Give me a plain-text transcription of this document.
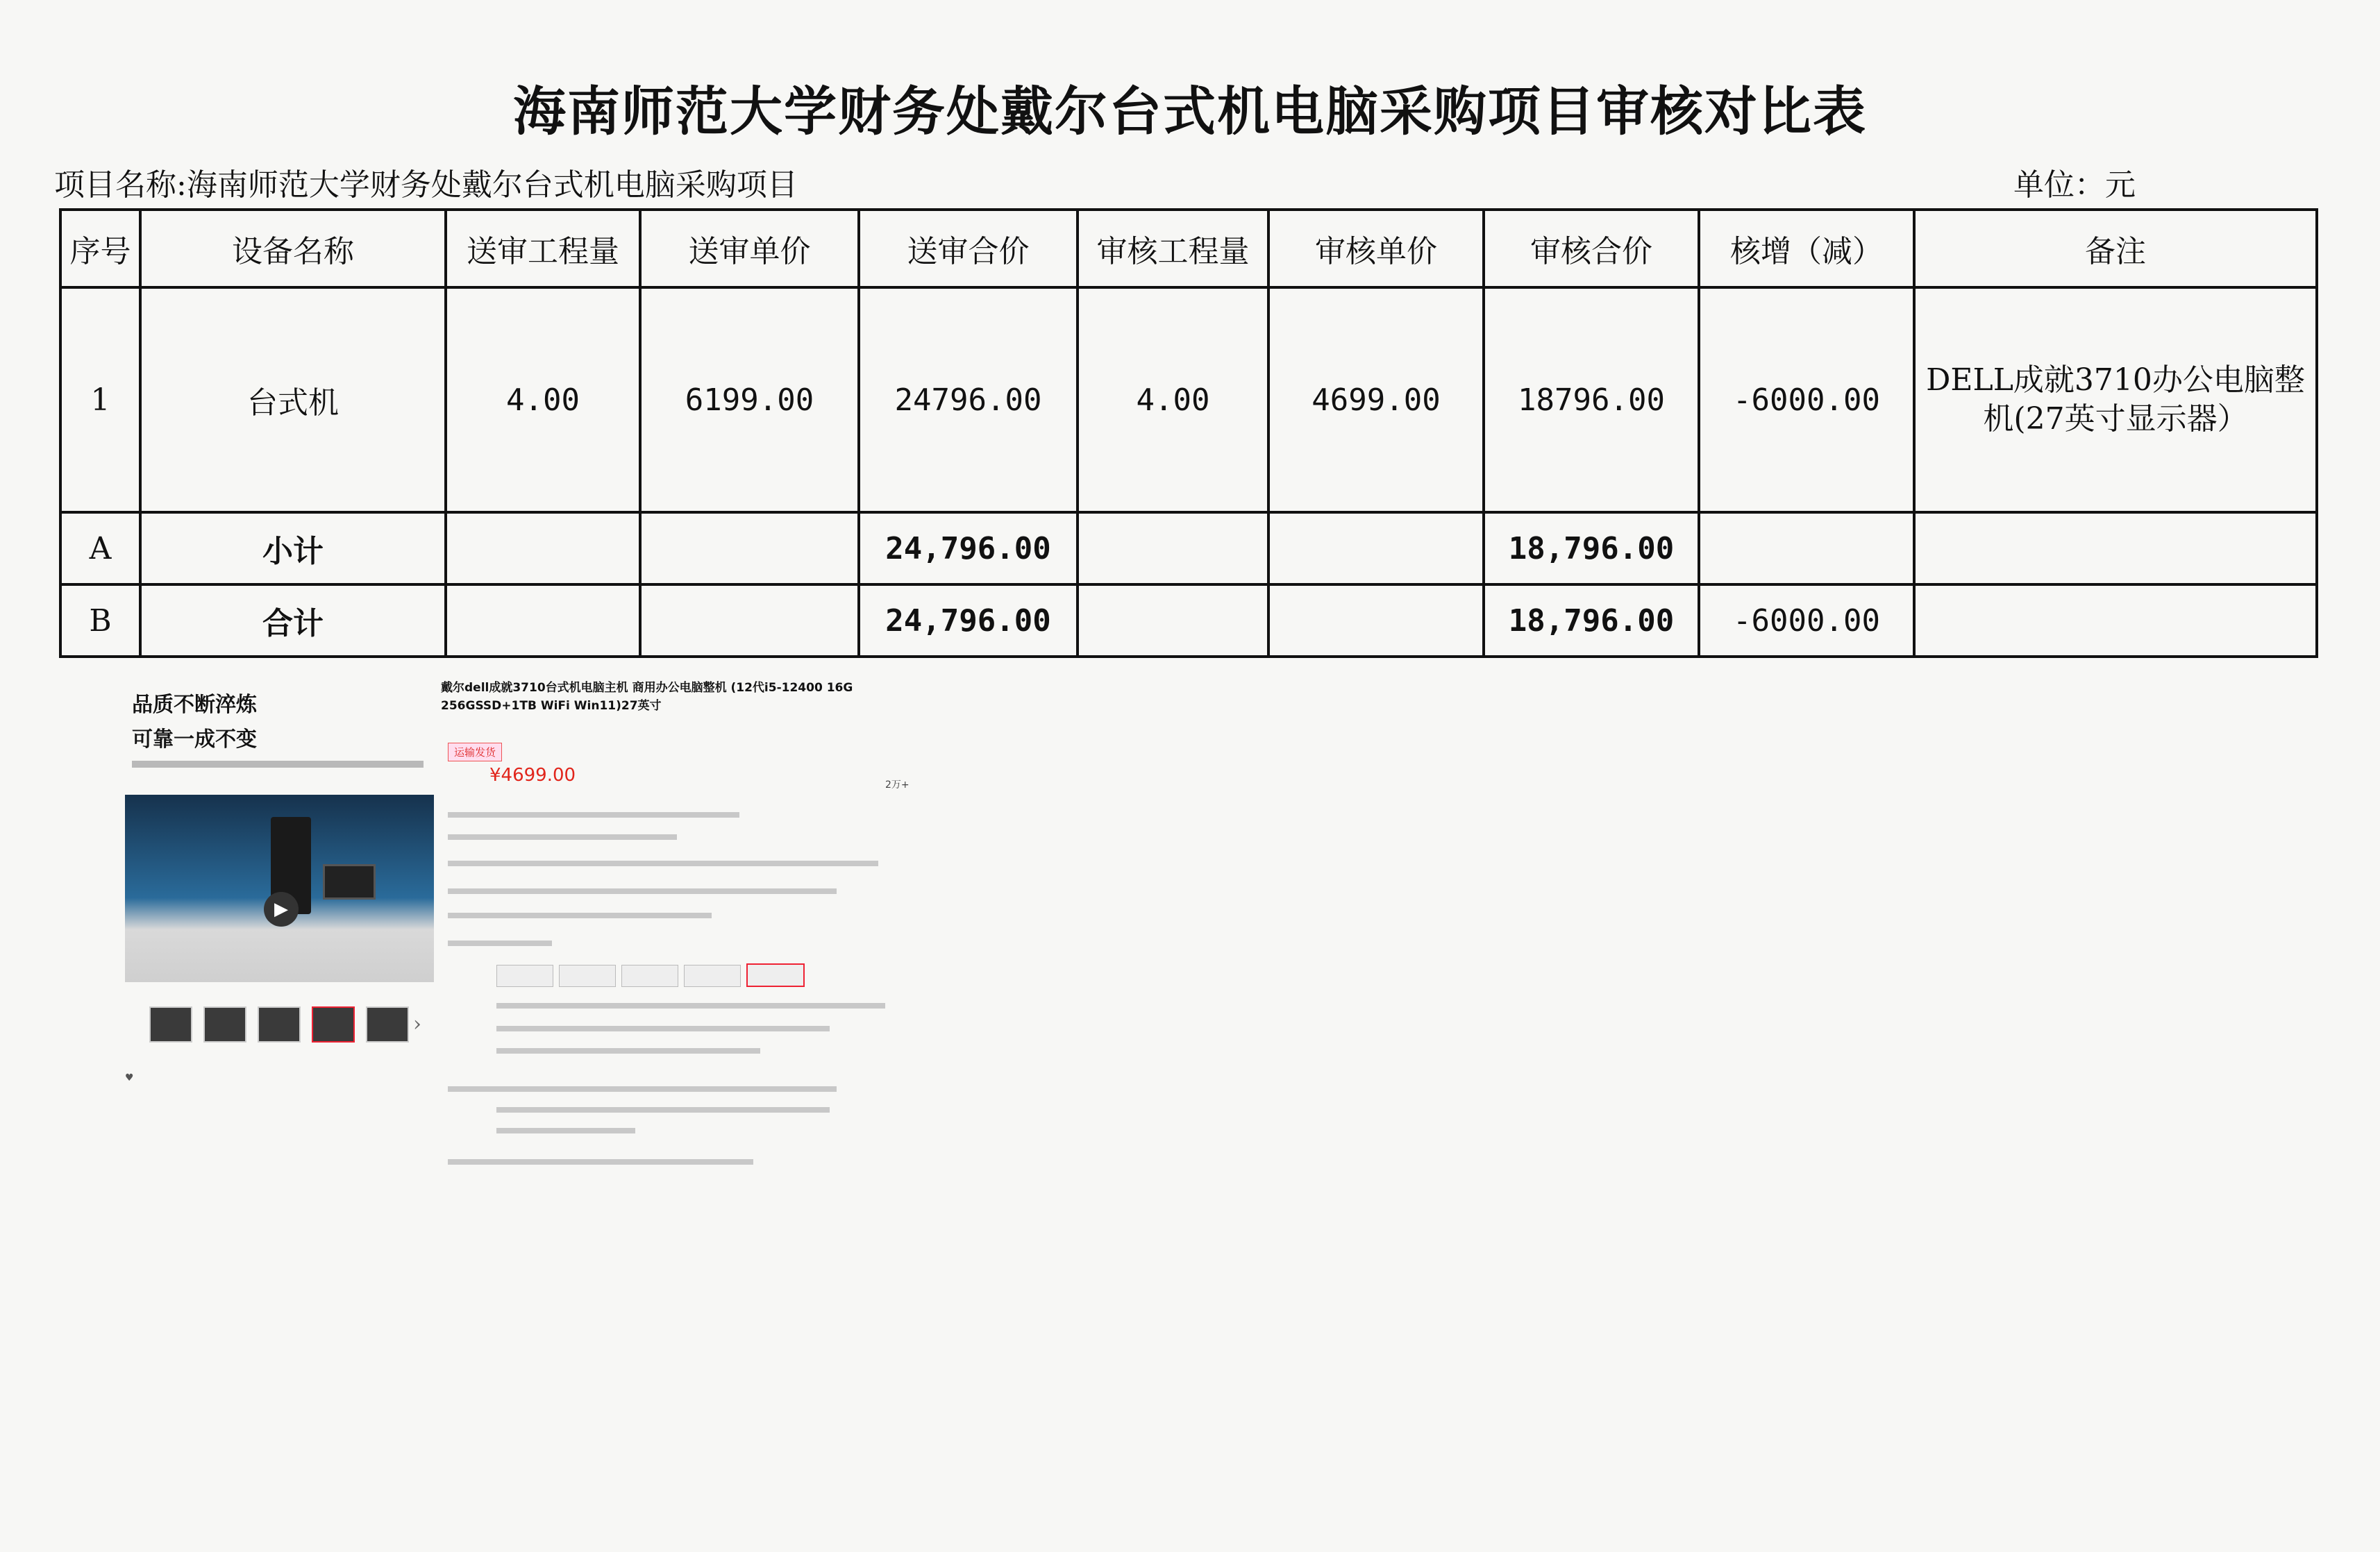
海南师范大学财务处戴尔台式机电脑采购项目审核对比表
项目名称:海南师范大学财务处戴尔台式机电脑采购项目	单位：元
序号	设备名称	送审工程量	送审单价	送审合价	审核工程量	审核单价	审核合价	核增（减）	备注
1	台式机	4.00	6199.00	24796.00	4.00	4699.00	18796.00	-6000.00	DELL成就3710办公电脑整机(27英寸显示器）
A	小计			24,796.00			18,796.00		
B	合计			24,796.00			18,796.00	-6000.00	
品质不断淬炼
可靠一成不变
▶
›
♥
戴尔dell成就3710台式机电脑主机 商用办公电脑整机 (12代i5-12400 16G 256GSSD+1TB WiFi Win11)27英寸
运输发货
¥4699.00	2万+
